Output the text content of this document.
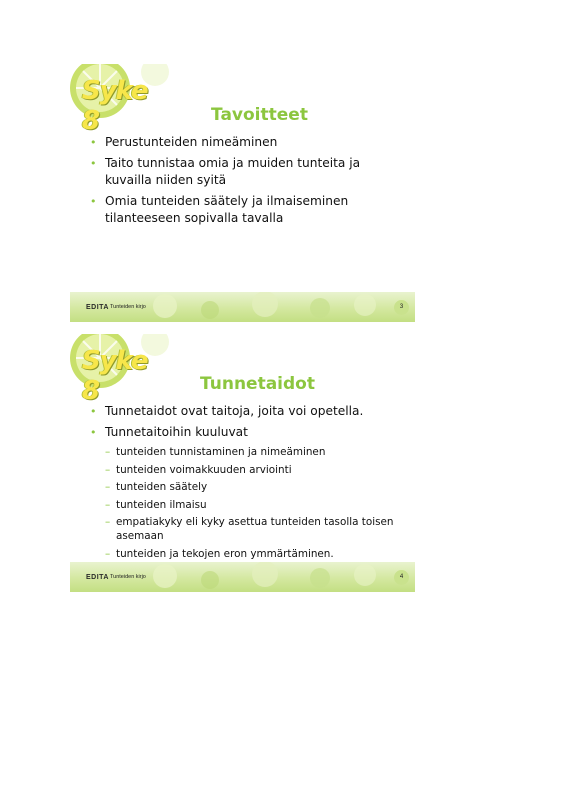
Syke 8	Tavoitteet
• Perustunteiden nimeäminen
• Taito tunnistaa omia ja muiden tunteita ja kuvailla niiden syitä
• Omia tunteiden säätely ja ilmaiseminen tilanteeseen sopivalla tavalla
EDITA Tunteiden kirjo	3
Syke 8	Tunnetaidot
• Tunnetaidot ovat taitoja, joita voi opetella.
• Tunnetaitoihin kuuluvat
– tunteiden tunnistaminen ja nimeäminen
– tunteiden voimakkuuden arviointi
– tunteiden säätely
– tunteiden ilmaisu
– empatiakyky eli kyky asettua tunteiden tasolla toisen asemaan
– tunteiden ja tekojen eron ymmärtäminen.
EDITA Tunteiden kirjo	4
